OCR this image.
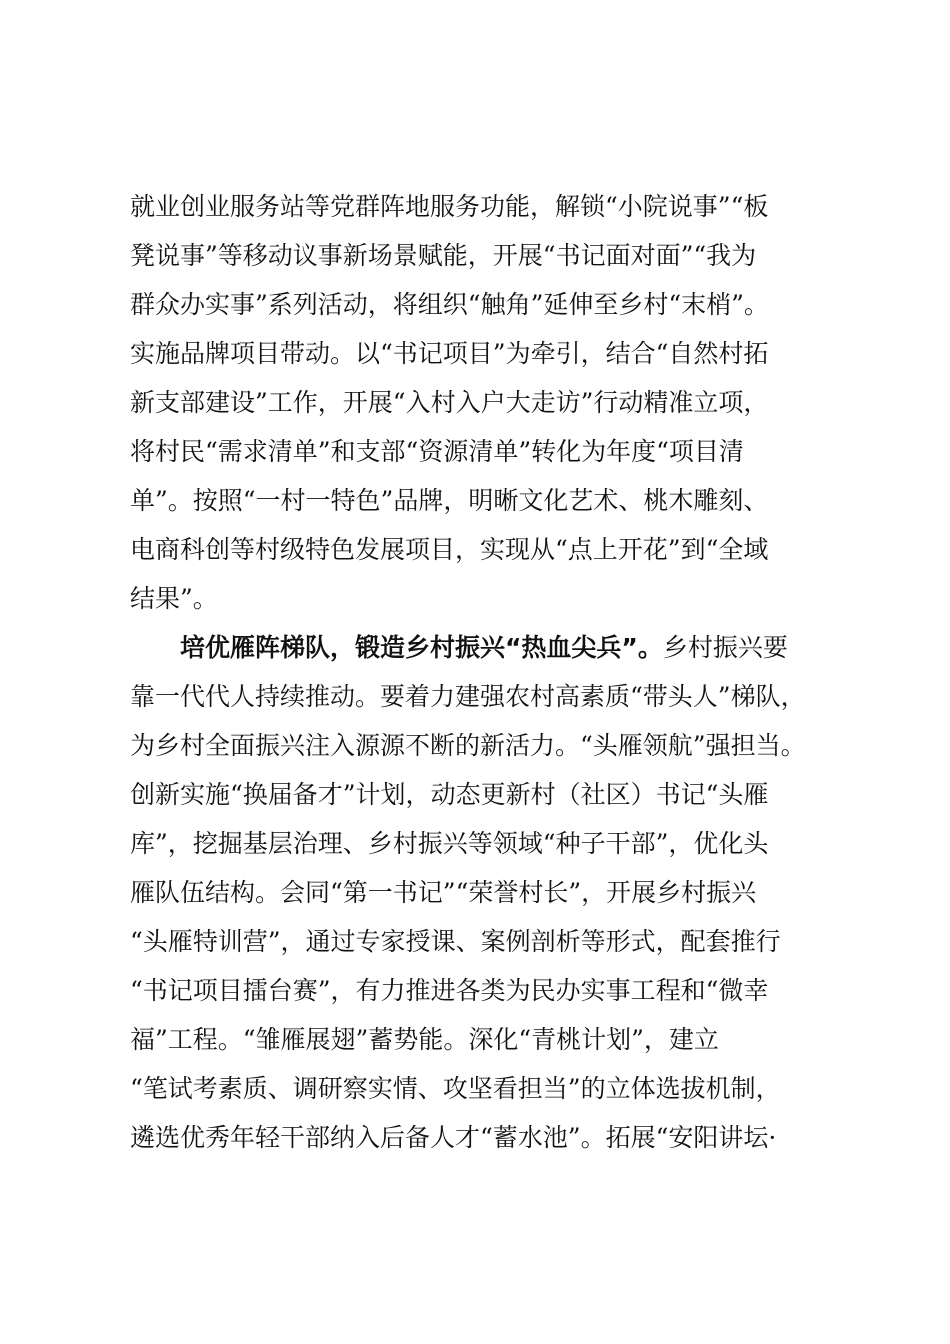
就业创业服务站等党群阵地服务功能，解锁“小院说事”“板
凳说事”等移动议事新场景赋能，开展“书记面对面”“我为
群众办实事”系列活动，将组织“触角”延伸至乡村“末梢”。
实施品牌项目带动。以“书记项目”为牵引，结合“自然村拓
新支部建设”工作，开展“入村入户大走访”行动精准立项，
将村民“需求清单”和支部“资源清单”转化为年度“项目清
单”。按照“一村一特色”品牌，明晰文化艺术、桃木雕刻、
电商科创等村级特色发展项目，实现从“点上开花”到“全域
结果”。
培优雁阵梯队，锻造乡村振兴“热血尖兵”。乡村振兴要
靠一代代人持续推动。要着力建强农村高素质“带头人”梯队，
为乡村全面振兴注入源源不断的新活力。“头雁领航”强担当。
创新实施“换届备才”计划，动态更新村（社区）书记“头雁
库”，挖掘基层治理、乡村振兴等领域“种子干部”，优化头
雁队伍结构。会同“第一书记”“荣誉村长”，开展乡村振兴
“头雁特训营”，通过专家授课、案例剖析等形式，配套推行
“书记项目擂台赛”，有力推进各类为民办实事工程和“微幸
福”工程。“雏雁展翅”蓄势能。深化“青桃计划”，建立
“笔试考素质、调研察实情、攻坚看担当”的立体选拔机制，
遴选优秀年轻干部纳入后备人才“蓄水池”。拓展“安阳讲坛·
